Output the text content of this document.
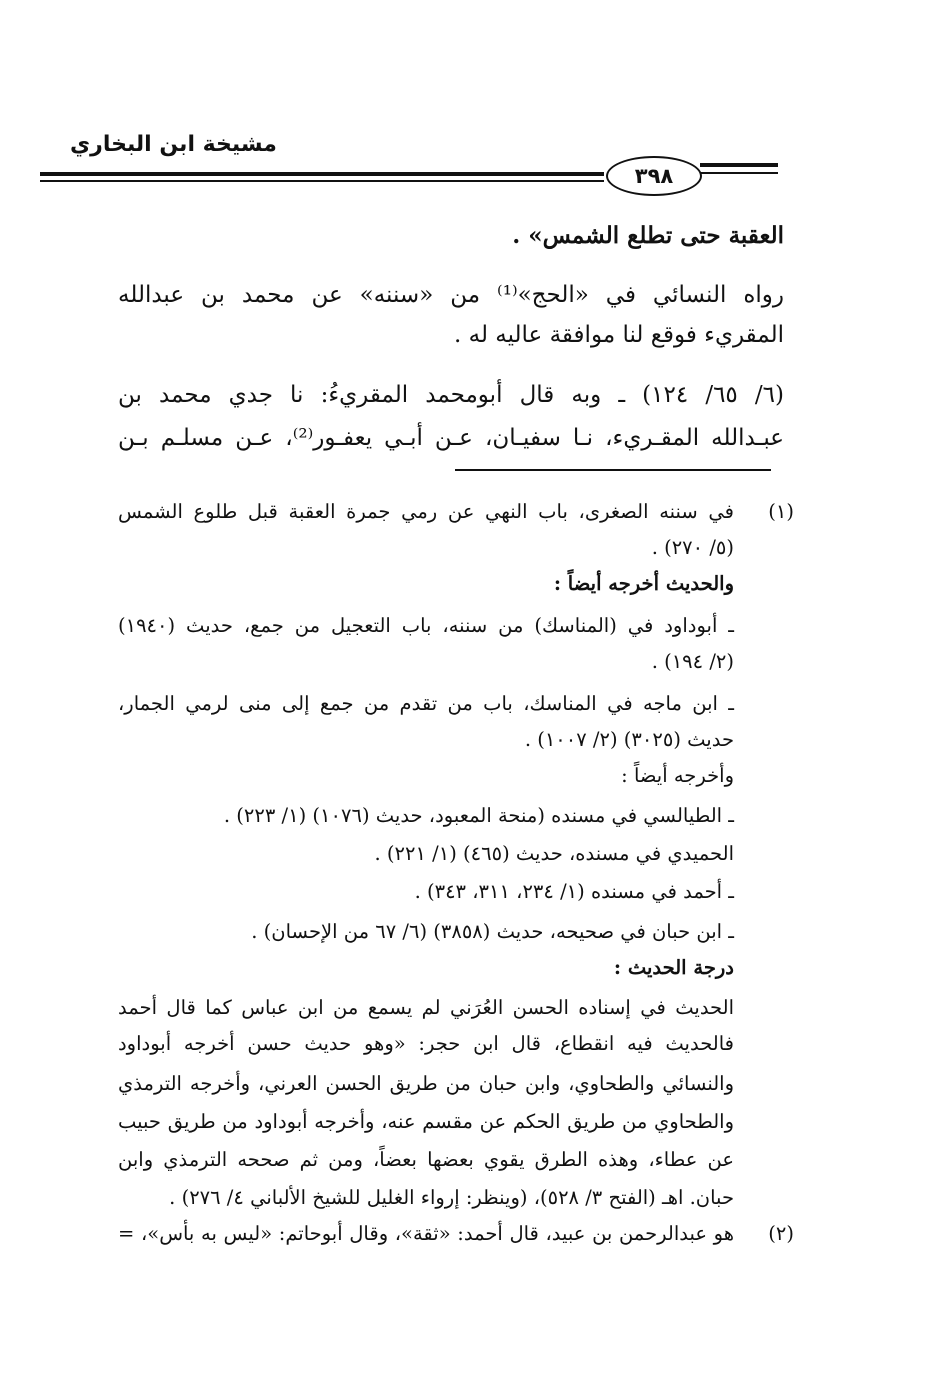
مشيخة ابن البخاري
٣٩٨
العقبة حتى تطلع الشمس» .
رواه النسائي في «الحج»⁽¹⁾ من «سننه» عن محمد بن عبدالله
المقريء فوقع لنا موافقة عاليه له .
(٦/ ٦٥/ ١٢٤) ـ وبه قال أبومحمد المقريءُ: نا جدي محمد بن
عبـدالله المقـريء، نـا سفيـان، عـن أبـي يعفـور⁽²⁾، عـن مسلـم بـن
(١)
في سننه الصغرى، باب النهي عن رمي جمرة العقبة قبل طلوع الشمس
(٥/ ٢٧٠) .
والحديث أخرجه أيضاً :
ـ أبوداود في (المناسك) من سننه، باب التعجيل من جمع، حديث (١٩٤٠)
(٢/ ١٩٤) .
ـ ابن ماجه في المناسك، باب من تقدم من جمع إلى منى لرمي الجمار،
حديث (٣٠٢٥) (٢/ ١٠٠٧) .
وأخرجه أيضاً :
ـ الطيالسي في مسنده (منحة المعبود، حديث (١٠٧٦) (١/ ٢٢٣) .
الحميدي في مسنده، حديث (٤٦٥) (١/ ٢٢١) .
ـ أحمد في مسنده (١/ ٢٣٤، ٣١١، ٣٤٣) .
ـ ابن حبان في صحيحه، حديث (٣٨٥٨) (٦/ ٦٧ من الإحسان) .
درجة الحديث :
الحديث في إسناده الحسن العُرَني لم يسمع من ابن عباس كما قال أحمد
فالحديث فيه انقطاع، قال ابن حجر: «وهو حديث حسن أخرجه أبوداود
والنسائي والطحاوي، وابن حبان من طريق الحسن العرني، وأخرجه الترمذي
والطحاوي من طريق الحكم عن مقسم عنه، وأخرجه أبوداود من طريق حبيب
عن عطاء، وهذه الطرق يقوي بعضها بعضاً، ومن ثم صححه الترمذي وابن
حبان. اهـ (الفتح ٣/ ٥٢٨)، (وينظر: إرواء الغليل للشيخ الألباني ٤/ ٢٧٦) .
(٢)
هو عبدالرحمن بن عبيد، قال أحمد: «ثقة»، وقال أبوحاتم: «ليس به بأس»، =
